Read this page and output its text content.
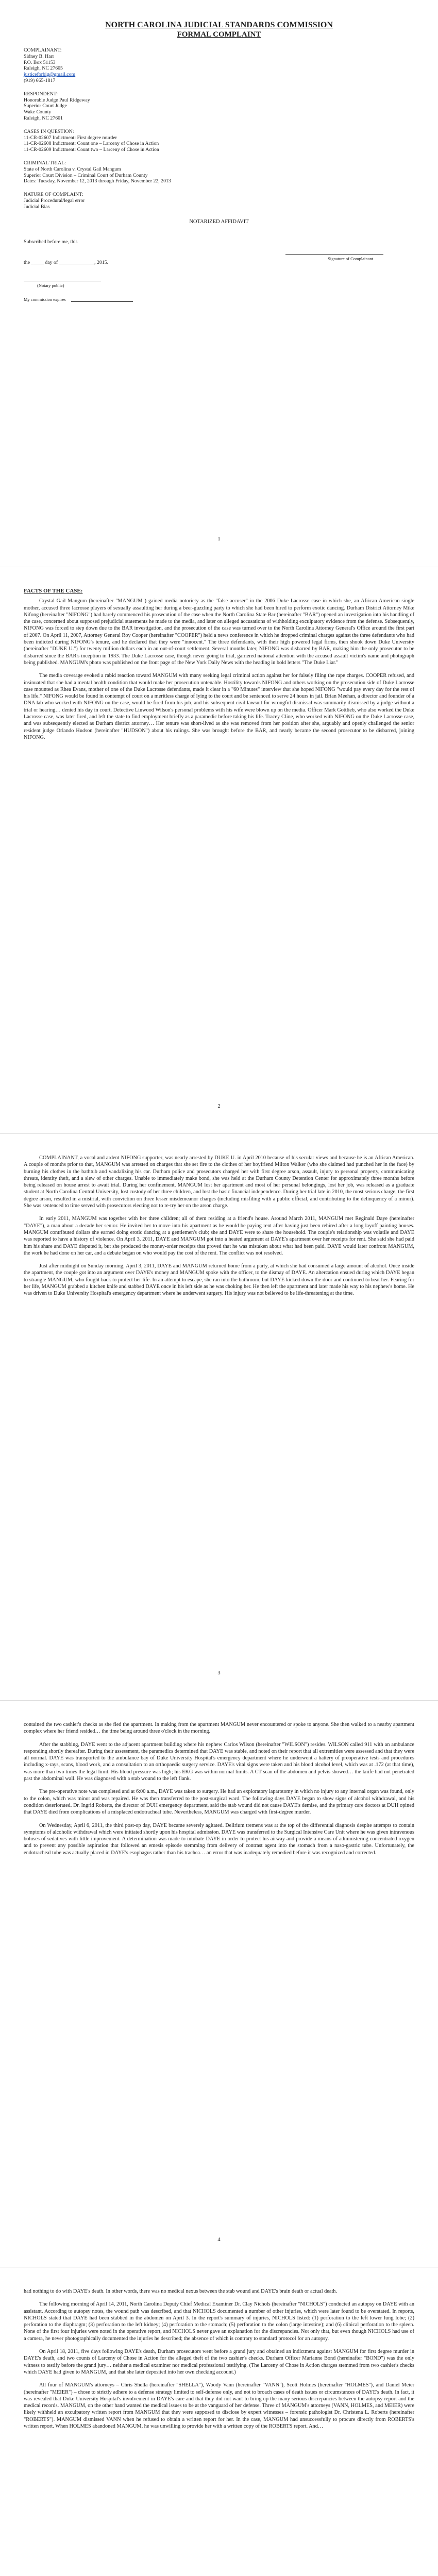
NORTH CAROLINA JUDICIAL STANDARDS COMMISSION
FORMAL COMPLAINT
COMPLAINANT:
Sidney B. Harr
P.O. Box 51153
Raleigh, NC 27605
justiceforbig@gmail.com
(919) 665-1817
RESPONDENT:
Honorable Judge Paul Ridgeway
Superior Court Judge
Wake County
Raleigh, NC 27601
CASES IN QUESTION:
11-CR-02607 Indictment: First degree murder
11-CR-02608 Indictment: Count one – Larceny of Chose in Action
11-CR-02609 Indictment: Count two – Larceny of Chose in Action
CRIMINAL TRIAL:
State of North Carolina v. Crystal Gail Mangum
Superior Court Division – Criminal Court of Durham County
Dates: Tuesday, November 12, 2013 through Friday, November 22, 2013
NATURE OF COMPLAINT:
Judicial Procedural/legal error
Judicial Bias
NOTARIZED AFFIDAVIT
Subscribed before me, this
Signature of Complainant
the _____ day of ______________, 2015.
(Notary public)
My commission expires
1
FACTS OF THE CASE:

Crystal Gail Mangum (hereinafter "MANGUM") gained media notoriety as the "false accuser" in the 2006 Duke Lacrosse case in which she, an African American single mother, accused three lacrosse players of sexually assaulting her during a beer-guzzling party to which she had been hired to perform exotic dancing. Durham District Attorney Mike Nifong (hereinafter "NIFONG") had barely commenced his prosecution of the case when the North Carolina State Bar (hereinafter "BAR") opened an investigation into his handling of the case, concerned about supposed prejudicial statements he made to the media, and later on alleged accusations of withholding exculpatory evidence from the defense. Subsequently, NIFONG was forced to step down due to the BAR investigation, and the prosecution of the case was turned over to the North Carolina Attorney General's Office around the first part of 2007. On April 11, 2007, Attorney General Roy Cooper (hereinafter "COOPER") held a news conference in which he dropped criminal charges against the three defendants who had been indicted during NIFONG's tenure, and he declared that they were "innocent." The three defendants, with their high powered legal firms, then shook down Duke University (hereinafter "DUKE U.") for twenty million dollars each in an out-of-court settlement. Several months later, NIFONG was disbarred by BAR, making him the only prosecutor to be disbarred since the BAR's inception in 1933. The Duke Lacrosse case, though never going to trial, garnered national attention with the accused assault victim's name and photograph being published. MANGUM's photo was published on the front page of the New York Daily News with the heading in bold letters "The Duke Liar."

The media coverage evoked a rabid reaction toward MANGUM with many seeking legal criminal action against her for falsely filing the rape charges. COOPER refused, and insinuated that she had a mental health condition that would make her prosecution untenable. Hostility towards NIFONG and others working on the prosecution side of Duke Lacrosse case mounted as Rhea Evans, mother of one of the Duke Lacrosse defendants, made it clear in a "60 Minutes" interview that she hoped NIFONG "would pay every day for the rest of his life." NIFONG would be found in contempt of court on a meritless charge of lying to the court and be sentenced to serve 24 hours in jail. Brian Meehan, a director and founder of a DNA lab who worked with NIFONG on the case, would be fired from his job, and his subsequent civil lawsuit for wrongful dismissal was summarily dismissed by a judge without a trial or hearing… denied his day in court. Detective Linwood Wilson's personal problems with his wife were blown up on the media. Officer Mark Gottlieb, who also worked the Duke Lacrosse case, was later fired, and left the state to find employment briefly as a paramedic before taking his life. Tracey Cline, who worked with NIFONG on the Duke Lacrosse case, and was subsequently elected as Durham district attorney… Her tenure was short-lived as she was removed from her position after she, arguably and openly challenged the senior resident judge Orlando Hudson (hereinafter "HUDSON") about his rulings. She was brought before the BAR, and nearly became the second prosecutor to be disbarred, joining NIFONG.

2

COMPLAINANT, a vocal and ardent NIFONG supporter, was nearly arrested by DUKE U. in April 2010 because of his secular views and because he is an African American. A couple of months prior to that, MANGUM was arrested on charges that she set fire to the clothes of her boyfriend Milton Walker (who she claimed had punched her in the face) by burning his clothes in the bathtub and vandalizing his car. Durham police and prosecutors charged her with first degree arson, assault, injury to personal property, communicating threats, identity theft, and a slew of other charges. Unable to immediately make bond, she was held at the Durham County Detention Center for approximately three months before being released on house arrest to await trial. During her confinement, MANGUM lost her apartment and most of her personal belongings, lost her job, was released as a graduate student at North Carolina Central University, lost custody of her three children, and lost the basic financial independence. During her trial late in 2010, the most serious charge, the first degree arson, resulted in a mistrial, with conviction on three lesser misdemeanor charges (including misfiling with a public official, and contributing to the delinquency of a minor). She was sentenced to time served with prosecutors electing not to re-try her on the arson charge.

In early 2011, MANGUM was together with her three children; all of them residing at a friend's house. Around March 2011, MANGUM met Reginald Daye (hereinafter "DAYE"), a man about a decade her senior. He invited her to move into his apartment as he would be paying rent after having just been rehired after a long layoff painting houses. MANGUM contributed dollars she earned doing erotic dancing at a gentlemen's club; she and DAYE were to share the household. The couple's relationship was volatile and DAYE was reported to have a history of violence. On April 3, 2011, DAYE and MANGUM got into a heated argument at DAYE's apartment over her receipts for rent. She said she had paid him his share and DAYE disputed it, but she produced the money-order receipts that proved that he was mistaken about what had been paid. DAYE would later confront MANGUM, the work he had done on her car, and a debate began on who would pay the cost of the rent. The conflict was not resolved.

Just after midnight on Sunday morning, April 3, 2011, DAYE and MANGUM returned home from a party, at which she had consumed a large amount of alcohol. Once inside the apartment, the couple got into an argument over DAYE's money and MANGUM spoke with the officer, to the dismay of DAYE. An altercation ensued during which DAYE began to strangle MANGUM, who fought back to protect her life. In an attempt to escape, she ran into the bathroom, but DAYE kicked down the door and continued to beat her. Fearing for her life, MANGUM grabbed a kitchen knife and stabbed DAYE once in his left side as he was choking her. He then left the apartment and later made his way to his nephew's home. He was driven to Duke University Hospital's emergency department where he underwent surgery. His injury was not believed to be life-threatening at the time.

3

contained the two cashier's checks as she fled the apartment. In making from the apartment MANGUM never encountered or spoke to anyone. She then walked to a nearby apartment complex where her friend resided… the time being around three o'clock in the morning.

After the stabbing, DAYE went to the adjacent apartment building where his nephew Carlos Wilson (hereinafter "WILSON") resides. WILSON called 911 with an ambulance responding shortly thereafter. During their assessment, the paramedics determined that DAYE was stable, and noted on their report that all extremities were assessed and that they were all normal. DAYE was transported to the ambulance bay of Duke University Hospital's emergency department where he underwent a battery of preoperative tests and procedures including x-rays, scans, blood work, and a consultation to an orthopaedic surgery service. DAYE's vital signs were taken and his blood alcohol level, which was at .172 (at that time), was more than two times the legal limit. His blood pressure was high; his EKG was within normal limits. A CT scan of the abdomen and pelvis showed… the knife had not penetrated past the abdominal wall. He was diagnosed with a stab wound to the left flank.

The pre-operative note was completed and at 6:00 a.m., DAYE was taken to surgery. He had an exploratory laparotomy in which no injury to any internal organ was found, only to the colon, which was minor and was repaired. He was then transferred to the post-surgical ward. The following days DAYE began to show signs of alcohol withdrawal, and his condition deteriorated. Dr. Ingrid Roberts, the director of DUH emergency department, said the stab wound did not cause DAYE's demise, and the primary care doctors at DUH opined that DAYE died from complications of a misplaced endotracheal tube. Nevertheless, MANGUM was charged with first-degree murder.

On Wednesday, April 6, 2011, the third post-op day, DAYE became severely agitated. Delirium tremens was at the top of the differential diagnosis despite attempts to contain symptoms of alcoholic withdrawal which were initiated shortly upon his hospital admission. DAYE was transferred to the Surgical Intensive Care Unit where he was given intravenous boluses of sedatives with little improvement. A determination was made to intubate DAYE in order to protect his airway and provide a means of administering concentrated oxygen and to prevent any possible aspiration that followed an emesis episode stemming from delivery of contrast agent into the stomach from a naso-gastric tube. Unfortunately, the endotracheal tube was actually placed in DAYE's esophagus rather than his trachea… an error that was inadequately remedied before it was recognized and corrected.

4

had nothing to do with DAYE's death. In other words, there was no medical nexus between the stab wound and DAYE's brain death or actual death.

The following morning of April 14, 2011, North Carolina Deputy Chief Medical Examiner Dr. Clay Nichols (hereinafter "NICHOLS") conducted an autopsy on DAYE with an assistant. According to autopsy notes, the wound path was described, and that NICHOLS documented a number of other injuries, which were later found to be overstated. In reports, NICHOLS stated that DAYE had been stabbed in the abdomen on April 3. In the report's summary of injuries, NICHOLS listed: (1) perforation to the left lower lung lobe; (2) perforation to the diaphragm; (3) perforation to the left kidney; (4) perforation to the stomach; (5) perforation to the colon (large intestine); and (6) clinical perforation to the spleen. None of the first four injuries were noted in the operative report, and NICHOLS never gave an explanation for the discrepancies. Not only that, but even though NICHOLS had use of a camera, he never photographically documented the injuries he described; the absence of which is contrary to standard protocol for an autopsy.

On April 18, 2011, five days following DAYE's death, Durham prosecutors went before a grand jury and obtained an indictment against MANGUM for first degree murder in DAYE's death, and two counts of Larceny of Chose in Action for the alleged theft of the two cashier's checks. Durham Officer Marianne Bond (hereinafter "BOND") was the only witness to testify before the grand jury… neither a medical examiner nor medical professional testifying. (The Larceny of Chose in Action charges stemmed from two cashier's checks which DAYE had given to MANGUM, and that she later deposited into her own checking account.)

All four of MANGUM's attorneys – Chris Shella (hereinafter "SHELLA"), Woody Vann (hereinafter "VANN"), Scott Holmes (hereinafter "HOLMES"), and Daniel Meier (hereinafter "MEIER") – chose to strictly adhere to a defense strategy limited to self-defense only, and not to broach cases of death issues or circumstances of DAYE's death. In fact, it was revealed that Duke University Hospital's involvement in DAYE's care and that they did not want to bring up the many serious discrepancies between the autopsy report and the medical records. MANGUM, on the other hand wanted the medical issues to be at the vanguard of her defense. Three of MANGUM's attorneys (VANN, HOLMES, and MEIER) were likely withheld an exculpatory written report from MANGUM that they were supposed to disclose by expert witnesses – forensic pathologist Dr. Christena L. Roberts (hereinafter "ROBERTS"). MANGUM dismissed VANN when he refused to obtain a written report for her. In the case, MANGUM had unsuccessfully to procure directly from ROBERTS's written report. When HOLMES abandoned MANGUM, he was unwilling to provide her with a written copy of the ROBERTS report. And…
